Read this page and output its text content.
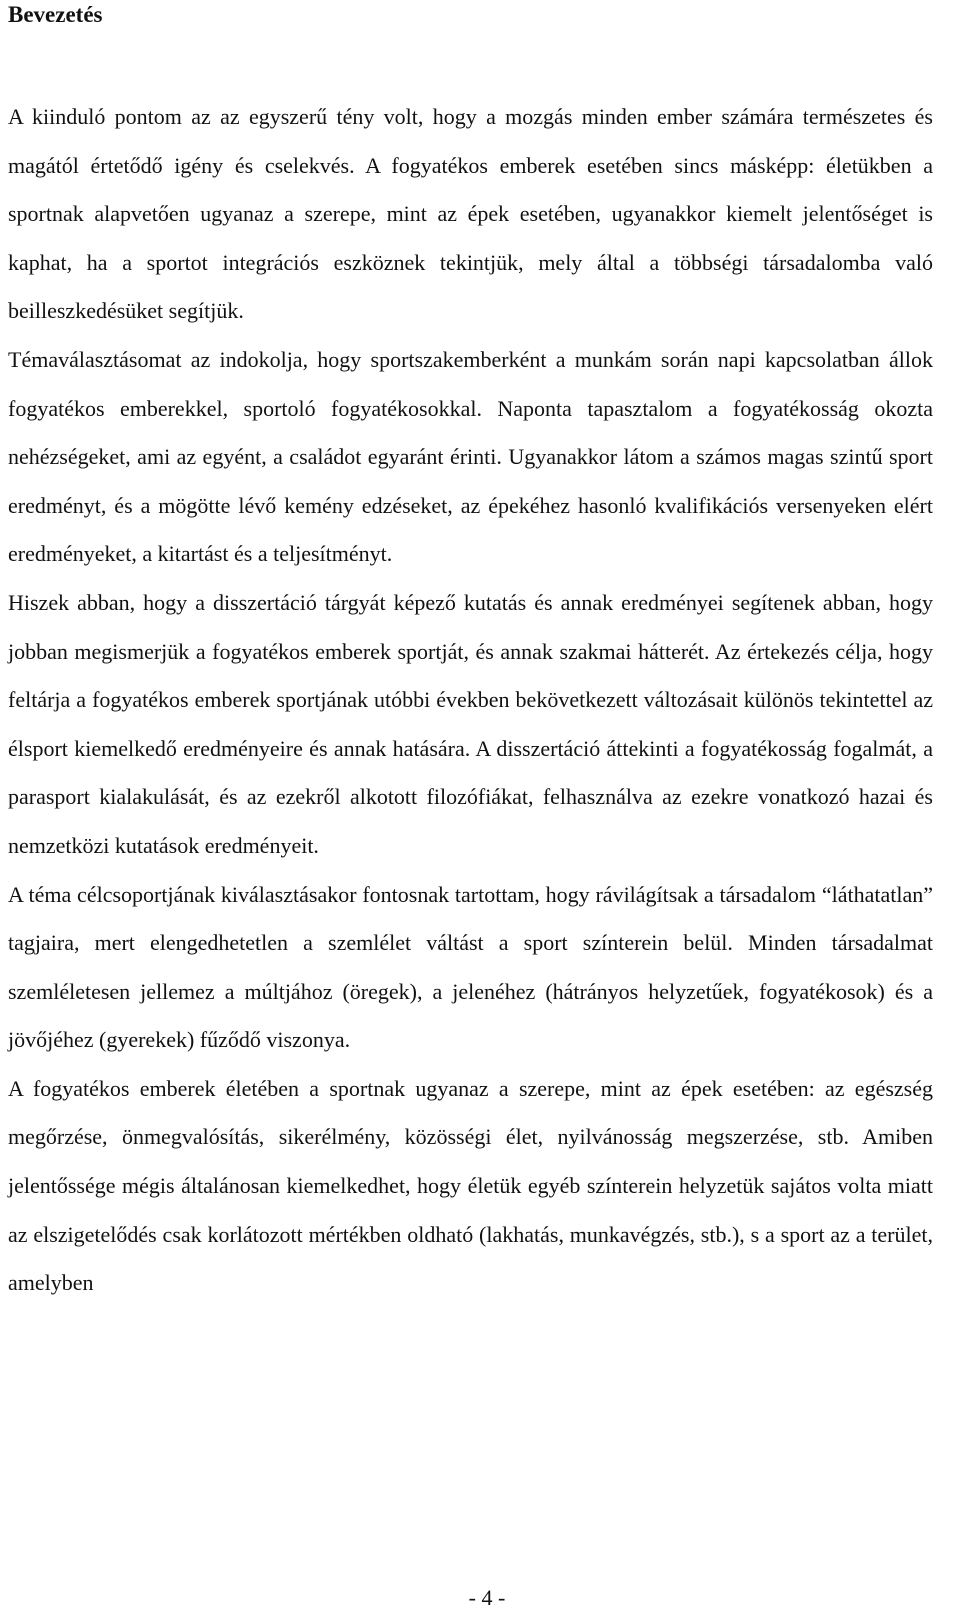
Bevezetés

A kiinduló pontom az az egyszerű tény volt, hogy a mozgás minden ember számára természetes és magától értetődő igény és cselekvés. A fogyatékos emberek esetében sincs másképp: életükben a sportnak alapvetően ugyanaz a szerepe, mint az épek esetében, ugyanakkor kiemelt jelentőséget is kaphat, ha a sportot integrációs eszköznek tekintjük, mely által a többségi társadalomba való beilleszkedésüket segítjük.

Témaválasztásomat az indokolja, hogy sportszakemberként a munkám során napi kapcsolatban állok fogyatékos emberekkel, sportoló fogyatékosokkal. Naponta tapasztalom a fogyatékosság okozta nehézségeket, ami az egyént, a családot egyaránt érinti. Ugyanakkor látom a számos magas szintű sport eredményt, és a mögötte lévő kemény edzéseket, az épekéhez hasonló kvalifikációs versenyeken elért eredményeket, a kitartást és a teljesítményt.

Hiszek abban, hogy a disszertáció tárgyát képező kutatás és annak eredményei segítenek abban, hogy jobban megismerjük a fogyatékos emberek sportját, és annak szakmai hátterét. Az értekezés célja, hogy feltárja a fogyatékos emberek sportjának utóbbi években bekövetkezett változásait különös tekintettel az élsport kiemelkedő eredményeire és annak hatására. A disszertáció áttekinti a fogyatékosság fogalmát, a parasport kialakulását, és az ezekről alkotott filozófiákat, felhasználva az ezekre vonatkozó hazai és nemzetközi kutatások eredményeit.

A téma célcsoportjának kiválasztásakor fontosnak tartottam, hogy rávilágítsak a társadalom “láthatatlan” tagjaira, mert elengedhetetlen a szemlélet váltást a sport színterein belül. Minden társadalmat szemléletesen jellemez a múltjához (öregek), a jelenéhez (hátrányos helyzetűek, fogyatékosok) és a jövőjéhez (gyerekek) fűződő viszonya.

A fogyatékos emberek életében a sportnak ugyanaz a szerepe, mint az épek esetében: az egészség megőrzése, önmegvalósítás, sikerélmény, közösségi élet, nyilvánosság megszerzése, stb. Amiben jelentőssége mégis általánosan kiemelkedhet, hogy életük egyéb színterein helyzetük sajátos volta miatt az elszigetelődés csak korlátozott mértékben oldható (lakhatás, munkavégzés, stb.), s a sport az a terület, amelyben

- 4 -
